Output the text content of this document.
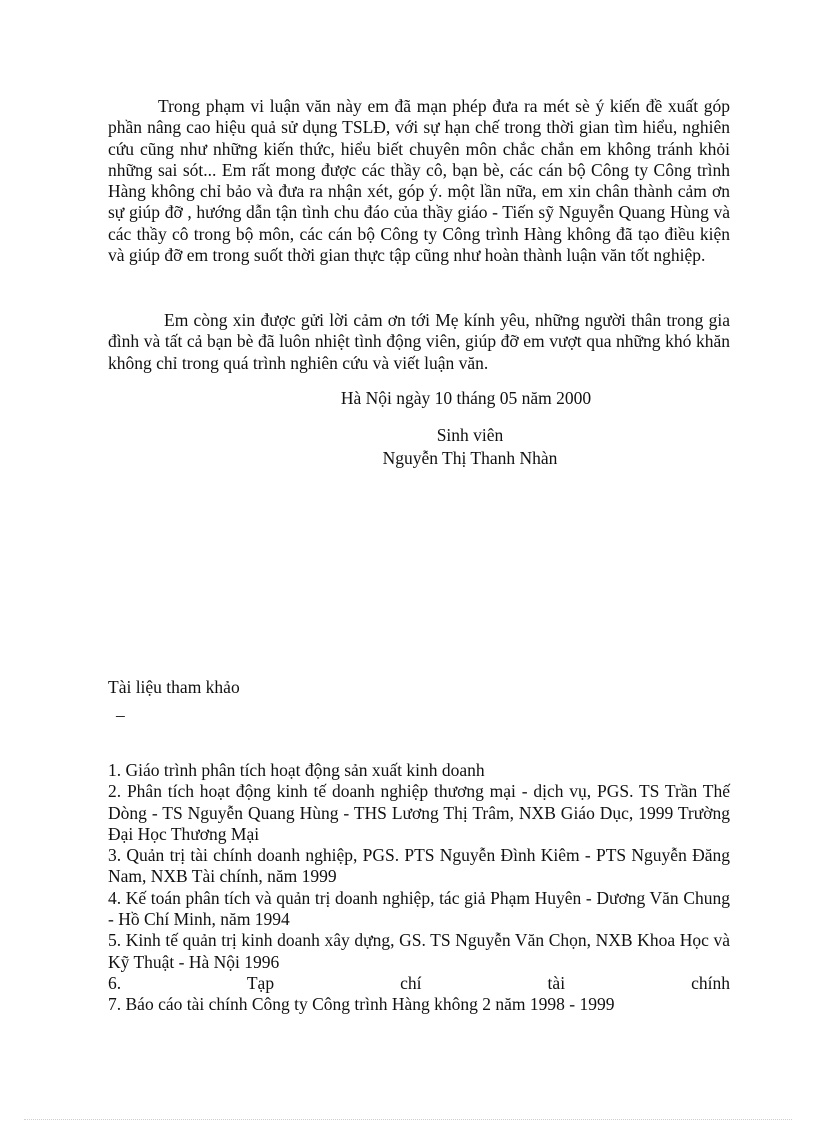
Trong phạm vi luận văn này em đã mạn phép đưa ra mét sè ý kiến đề xuất góp phần nâng cao hiệu quả sử dụng TSLĐ, với sự hạn chế trong thời gian tìm hiểu, nghiên cứu cũng như những kiến thức, hiểu biết chuyên môn chắc chắn em không tránh khỏi những sai sót... Em rất mong được các thầy cô, bạn bè, các cán bộ Công ty Công trình Hàng không chỉ bảo và đưa ra nhận xét, góp ý. một lần nữa, em xin chân thành cảm ơn sự giúp đỡ , hướng dẫn tận tình chu đáo của thầy giáo - Tiến sỹ Nguyễn Quang Hùng và các thầy cô trong bộ môn, các cán bộ Công ty Công trình Hàng không đã tạo điều kiện và giúp đỡ em trong suốt thời gian thực tập cũng như hoàn thành luận văn tốt nghiệp.

Em còng xin được gửi lời cảm ơn tới Mẹ kính yêu, những người thân trong gia đình và tất cả bạn bè đã luôn nhiệt tình động viên, giúp đỡ em vượt qua những khó khăn không chỉ trong quá trình nghiên cứu và viết luận văn.

Hà Nội ngày 10 tháng 05 năm 2000

Sinh viên

Nguyễn Thị Thanh Nhàn

Tài liệu tham khảo

–

1. Giáo trình phân tích hoạt động sản xuất kinh doanh
2. Phân tích hoạt động kinh tế doanh nghiệp thương mại - dịch vụ, PGS. TS Trần Thế Dòng - TS Nguyễn Quang Hùng - THS Lương Thị Trâm, NXB Giáo Dục, 1999 Trường Đại Học Thương Mại
3. Quản trị tài chính doanh nghiệp, PGS. PTS Nguyễn Đình Kiêm - PTS Nguyễn Đăng Nam, NXB Tài chính, năm 1999
4. Kế toán phân tích và quản trị doanh nghiệp, tác giả Phạm Huyên - Dương Văn Chung - Hồ Chí Minh, năm 1994
5. Kinh tế quản trị kinh doanh xây dựng, GS. TS Nguyễn Văn Chọn, NXB Khoa Học và Kỹ Thuật - Hà Nội 1996
6. Tạp chí tài chính
7. Báo cáo tài chính Công ty Công trình Hàng không 2 năm 1998 - 1999
